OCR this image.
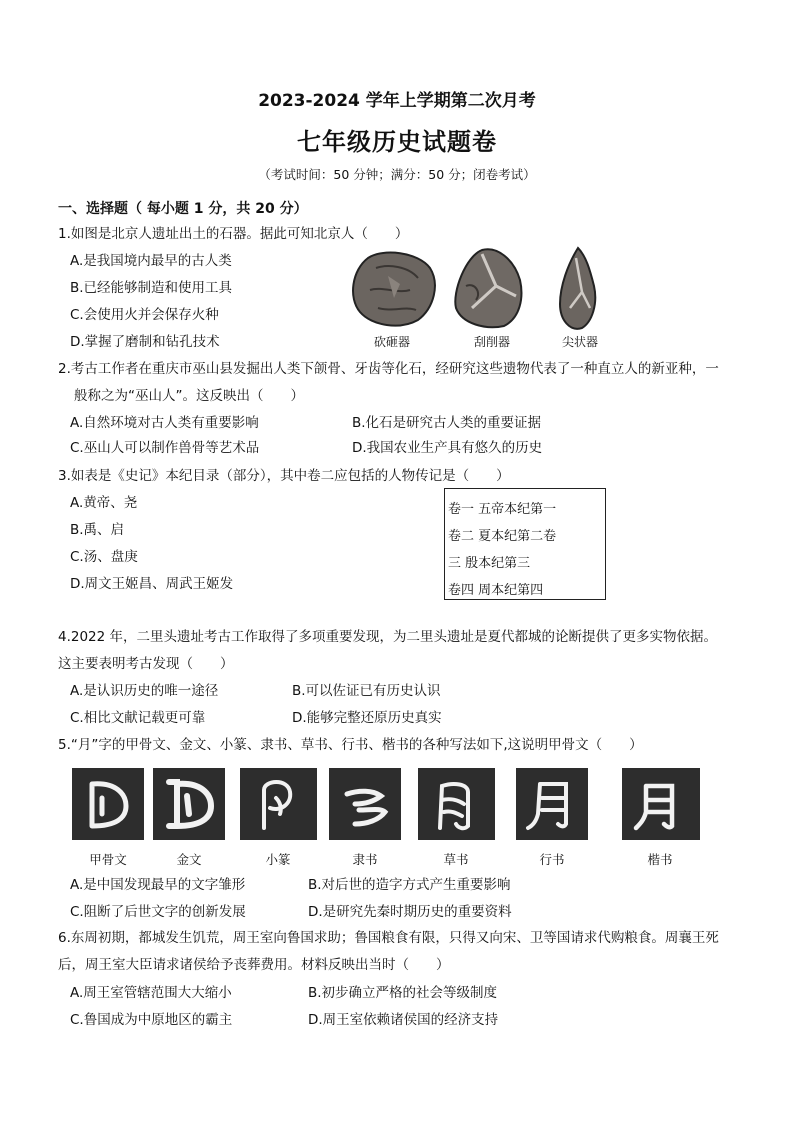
2023-2024 学年上学期第二次月考
七年级历史试题卷
（考试时间：50 分钟；满分：50 分；闭卷考试）
一、选择题（ 每小题 1 分，共 20 分）
1.如图是北京人遗址出土的石器。据此可知北京人（　　）
A.是我国境内最早的古人类
B.已经能够制造和使用工具
C.会使用火并会保存火种
D.掌握了磨制和钻孔技术	砍砸器	刮削器	尖状器
2.考古工作者在重庆市巫山县发掘出人类下颌骨、牙齿等化石，经研究这些遗物代表了一种直立人的新亚种，一
般称之为“巫山人”。这反映出（　　）
A.自然环境对古人类有重要影响	B.化石是研究古人类的重要证据
C.巫山人可以制作兽骨等艺术品	D.我国农业生产具有悠久的历史
3.如表是《史记》本纪目录（部分），其中卷二应包括的人物传记是（　　）
A.黄帝、尧
B.禹、启
C.汤、盘庚
D.周文王姬昌、周武王姬发
卷一 五帝本纪第一
卷二 夏本纪第二卷
三 殷本纪第三
卷四 周本纪第四
4.2022 年，二里头遗址考古工作取得了多项重要发现，为二里头遗址是夏代都城的论断提供了更多实物依据。
这主要表明考古发现（　　）
A.是认识历史的唯一途径	B.可以佐证已有历史认识
C.相比文献记载更可靠	D.能够完整还原历史真实
5.“月”字的甲骨文、金文、小篆、隶书、草书、行书、楷书的各种写法如下,这说明甲骨文（　　）
甲骨文	金文	小篆	隶书	草书	行书	楷书
A.是中国发现最早的文字雏形	B.对后世的造字方式产生重要影响
C.阻断了后世文字的创新发展	D.是研究先秦时期历史的重要资料
6.东周初期，都城发生饥荒，周王室向鲁国求助；鲁国粮食有限，只得又向宋、卫等国请求代购粮食。周襄王死
后，周王室大臣请求诸侯给予丧葬费用。材料反映出当时（　　）
A.周王室管辖范围大大缩小	B.初步确立严格的社会等级制度
C.鲁国成为中原地区的霸主	D.周王室依赖诸侯国的经济支持
